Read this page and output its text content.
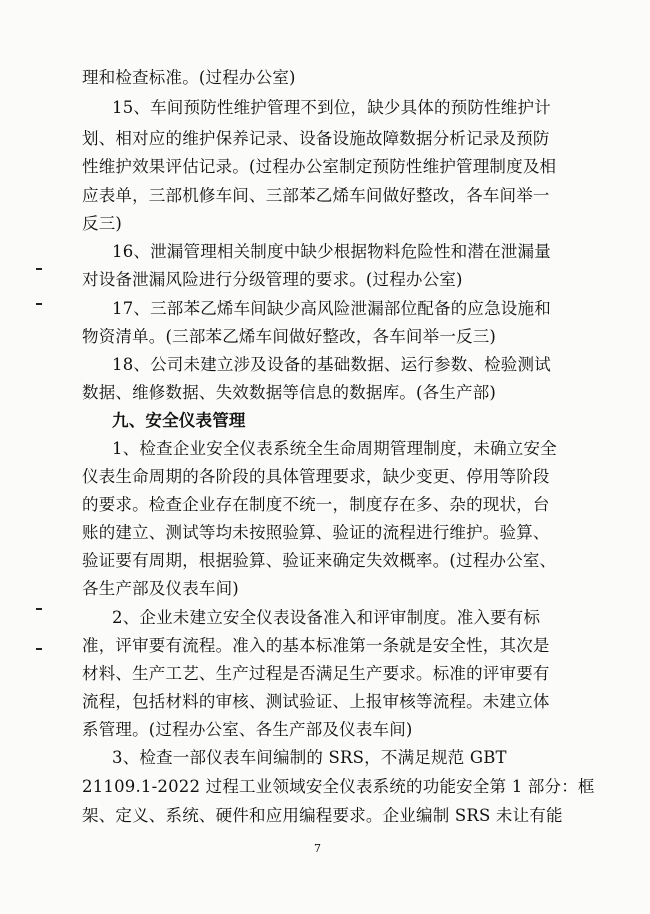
理和检查标准。(过程办公室)
15、车间预防性维护管理不到位，缺少具体的预防性维护计
划、相对应的维护保养记录、设备设施故障数据分析记录及预防
性维护效果评估记录。(过程办公室制定预防性维护管理制度及相
应表单，三部机修车间、三部苯乙烯车间做好整改，各车间举一
反三)
16、泄漏管理相关制度中缺少根据物料危险性和潜在泄漏量
对设备泄漏风险进行分级管理的要求。(过程办公室)
17、三部苯乙烯车间缺少高风险泄漏部位配备的应急设施和
物资清单。(三部苯乙烯车间做好整改，各车间举一反三)
18、公司未建立涉及设备的基础数据、运行参数、检验测试
数据、维修数据、失效数据等信息的数据库。(各生产部)
九、安全仪表管理
1、检查企业安全仪表系统全生命周期管理制度，未确立安全
仪表生命周期的各阶段的具体管理要求，缺少变更、停用等阶段
的要求。检查企业存在制度不统一，制度存在多、杂的现状，台
账的建立、测试等均未按照验算、验证的流程进行维护。验算、
验证要有周期，根据验算、验证来确定失效概率。(过程办公室、
各生产部及仪表车间)
2、企业未建立安全仪表设备准入和评审制度。准入要有标
准，评审要有流程。准入的基本标准第一条就是安全性，其次是
材料、生产工艺、生产过程是否满足生产要求。标准的评审要有
流程，包括材料的审核、测试验证、上报审核等流程。未建立体
系管理。(过程办公室、各生产部及仪表车间)
3、检查一部仪表车间编制的 SRS，不满足规范 GBT
21109.1-2022 过程工业领域安全仪表系统的功能安全第 1 部分：框
架、定义、系统、硬件和应用编程要求。企业编制 SRS 未让有能
7
